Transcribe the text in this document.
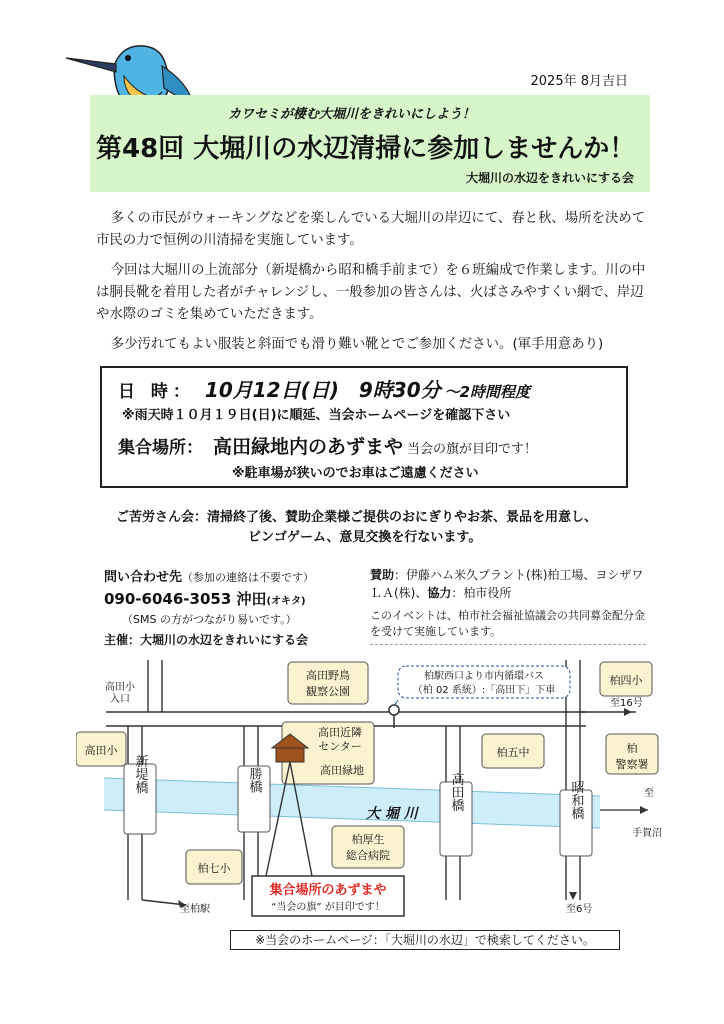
2025年 8月吉日
カワセミが棲む大堀川をきれいにしよう！
第48回 大堀川の水辺清掃に参加しませんか！
大堀川の水辺をきれいにする会

多くの市民がウォーキングなどを楽しんでいる大堀川の岸辺にて、春と秋、場所を決めて市民の力で恒例の川清掃を実施しています。

今回は大堀川の上流部分（新堤橋から昭和橋手前まで）を６班編成で作業します。川の中は胴長靴を着用した者がチャレンジし、一般参加の皆さんは、火ばさみやすくい網で、岸辺や水際のゴミを集めていただきます。

多少汚れてもよい服装と斜面でも滑り難い靴とでご参加ください。(軍手用意あり)

日 時： 10月12日(日)　9時30分 ～2時間程度
※雨天時１０月１９日(日)に順延、当会ホームページを確認下さい
集合場所： 高田緑地内のあずまや 当会の旗が目印です！
※駐車場が狭いのでお車はご遠慮ください
ご苦労さん会：清掃終了後、賛助企業様ご提供のおにぎりやお茶、景品を用意し、
ビンゴゲーム、意見交換を行ないます。
問い合わせ先（参加の連絡は不要です）
090-6046-3053 沖田(オキタ)
（SMS の方がつながり易いです。）
主催：大堀川の水辺をきれいにする会
賛助：伊藤ハム米久プラント(株)柏工場、ヨシザワＬＡ(株)、協力：柏市役所
このイベントは、柏市社会福祉協議会の共同募金配分金を受けて実施しています。
高田小
入口
高田小
高田野鳥
観察公園
高田近隣
センター
高田緑地
柏五中
柏四小
柏
警察署
柏厚生
総合病院
柏七小
至16号
至
手賀沼
至柏駅	至6号
柏駅西口より市内循環バス
（柏 02 系統）:「高田下」下車
新堤橋	勝橋	高田橋	昭和橋
大 堀 川
集合場所のあずまや
“当会の旗” が目印です！
※当会のホームページ：「大堀川の水辺」で検索してください。
